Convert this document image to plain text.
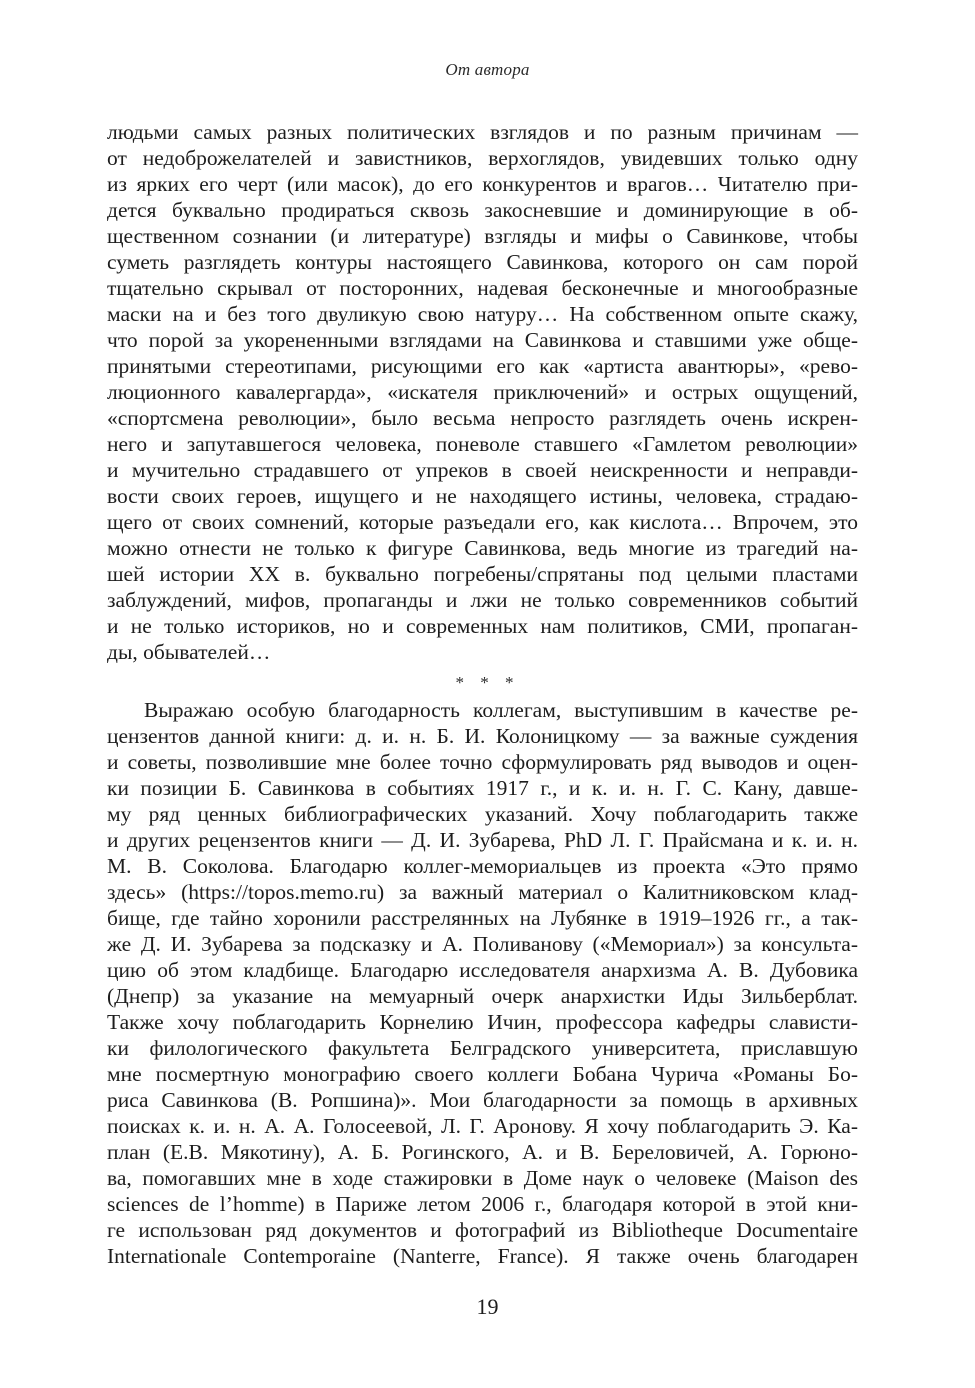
От автора
людьми самых разных политических взглядов и по разным причинам —
от недоброжелателей и завистников, верхоглядов, увидевших только одну
из ярких его черт (или масок), до его конкурентов и врагов… Читателю при-
дется буквально продираться сквозь закосневшие и доминирующие в об-
щественном сознании (и литературе) взгляды и мифы о Савинкове, чтобы
суметь разглядеть контуры настоящего Савинкова, которого он сам порой
тщательно скрывал от посторонних, надевая бесконечные и многообразные
маски на и без того двуликую свою натуру… На собственном опыте скажу,
что порой за укорененными взглядами на Савинкова и ставшими уже обще-
принятыми стереотипами, рисующими его как «артиста авантюры», «рево-
люционного кавалергарда», «искателя приключений» и острых ощущений,
«спортсмена революции», было весьма непросто разглядеть очень искрен-
него и запутавшегося человека, поневоле ставшего «Гамлетом революции»
и мучительно страдавшего от упреков в своей неискренности и неправди-
вости своих героев, ищущего и не находящего истины, человека, страдаю-
щего от своих сомнений, которые разъедали его, как кислота… Впрочем, это
можно отнести не только к фигуре Савинкова, ведь многие из трагедий на-
шей истории XX в. буквально погребены/спрятаны под целыми пластами
заблуждений, мифов, пропаганды и лжи не только современников событий
и не только историков, но и современных нам политиков, СМИ, пропаган-
ды, обывателей…
* * *
Выражаю особую благодарность коллегам, выступившим в качестве ре-
цензентов данной книги: д. и. н. Б. И. Колоницкому — за важные суждения
и советы, позволившие мне более точно сформулировать ряд выводов и оцен-
ки позиции Б. Савинкова в событиях 1917 г., и к. и. н. Г. С. Кану, давше-
му ряд ценных библиографических указаний. Хочу поблагодарить также
и других рецензентов книги — Д. И. Зубарева, PhD Л. Г. Прайсмана и к. и. н.
М. В. Соколова. Благодарю коллег-мемориальцев из проекта «Это прямо
здесь» (https://topos.memo.ru) за важный материал о Калитниковском клад-
бище, где тайно хоронили расстрелянных на Лубянке в 1919–1926 гг., а так-
же Д. И. Зубарева за подсказку и А. Поливанову («Мемориал») за консульта-
цию об этом кладбище. Благодарю исследователя анархизма А. В. Дубовика
(Днепр) за указание на мемуарный очерк анархистки Иды Зильберблат.
Также хочу поблагодарить Корнелию Ичин, профессора кафедры слависти-
ки филологического факультета Белградского университета, приславшую
мне посмертную монографию своего коллеги Бобана Чурича «Романы Бо-
риса Савинкова (В. Ропшина)». Мои благодарности за помощь в архивных
поисках к. и. н. А. А. Голосеевой, Л. Г. Аронову. Я хочу поблагодарить Э. Ка-
план (Е.В. Мякотину), А. Б. Рогинского, А. и В. Береловичей, А. Горюно-
ва, помогавших мне в ходе стажировки в Доме наук о человеке (Maison des
sciences de l’homme) в Париже летом 2006 г., благодаря которой в этой кни-
ге использован ряд документов и фотографий из Bibliotheque Documentaire
Internationale Contemporaine (Nanterre, France). Я также очень благодарен
19
